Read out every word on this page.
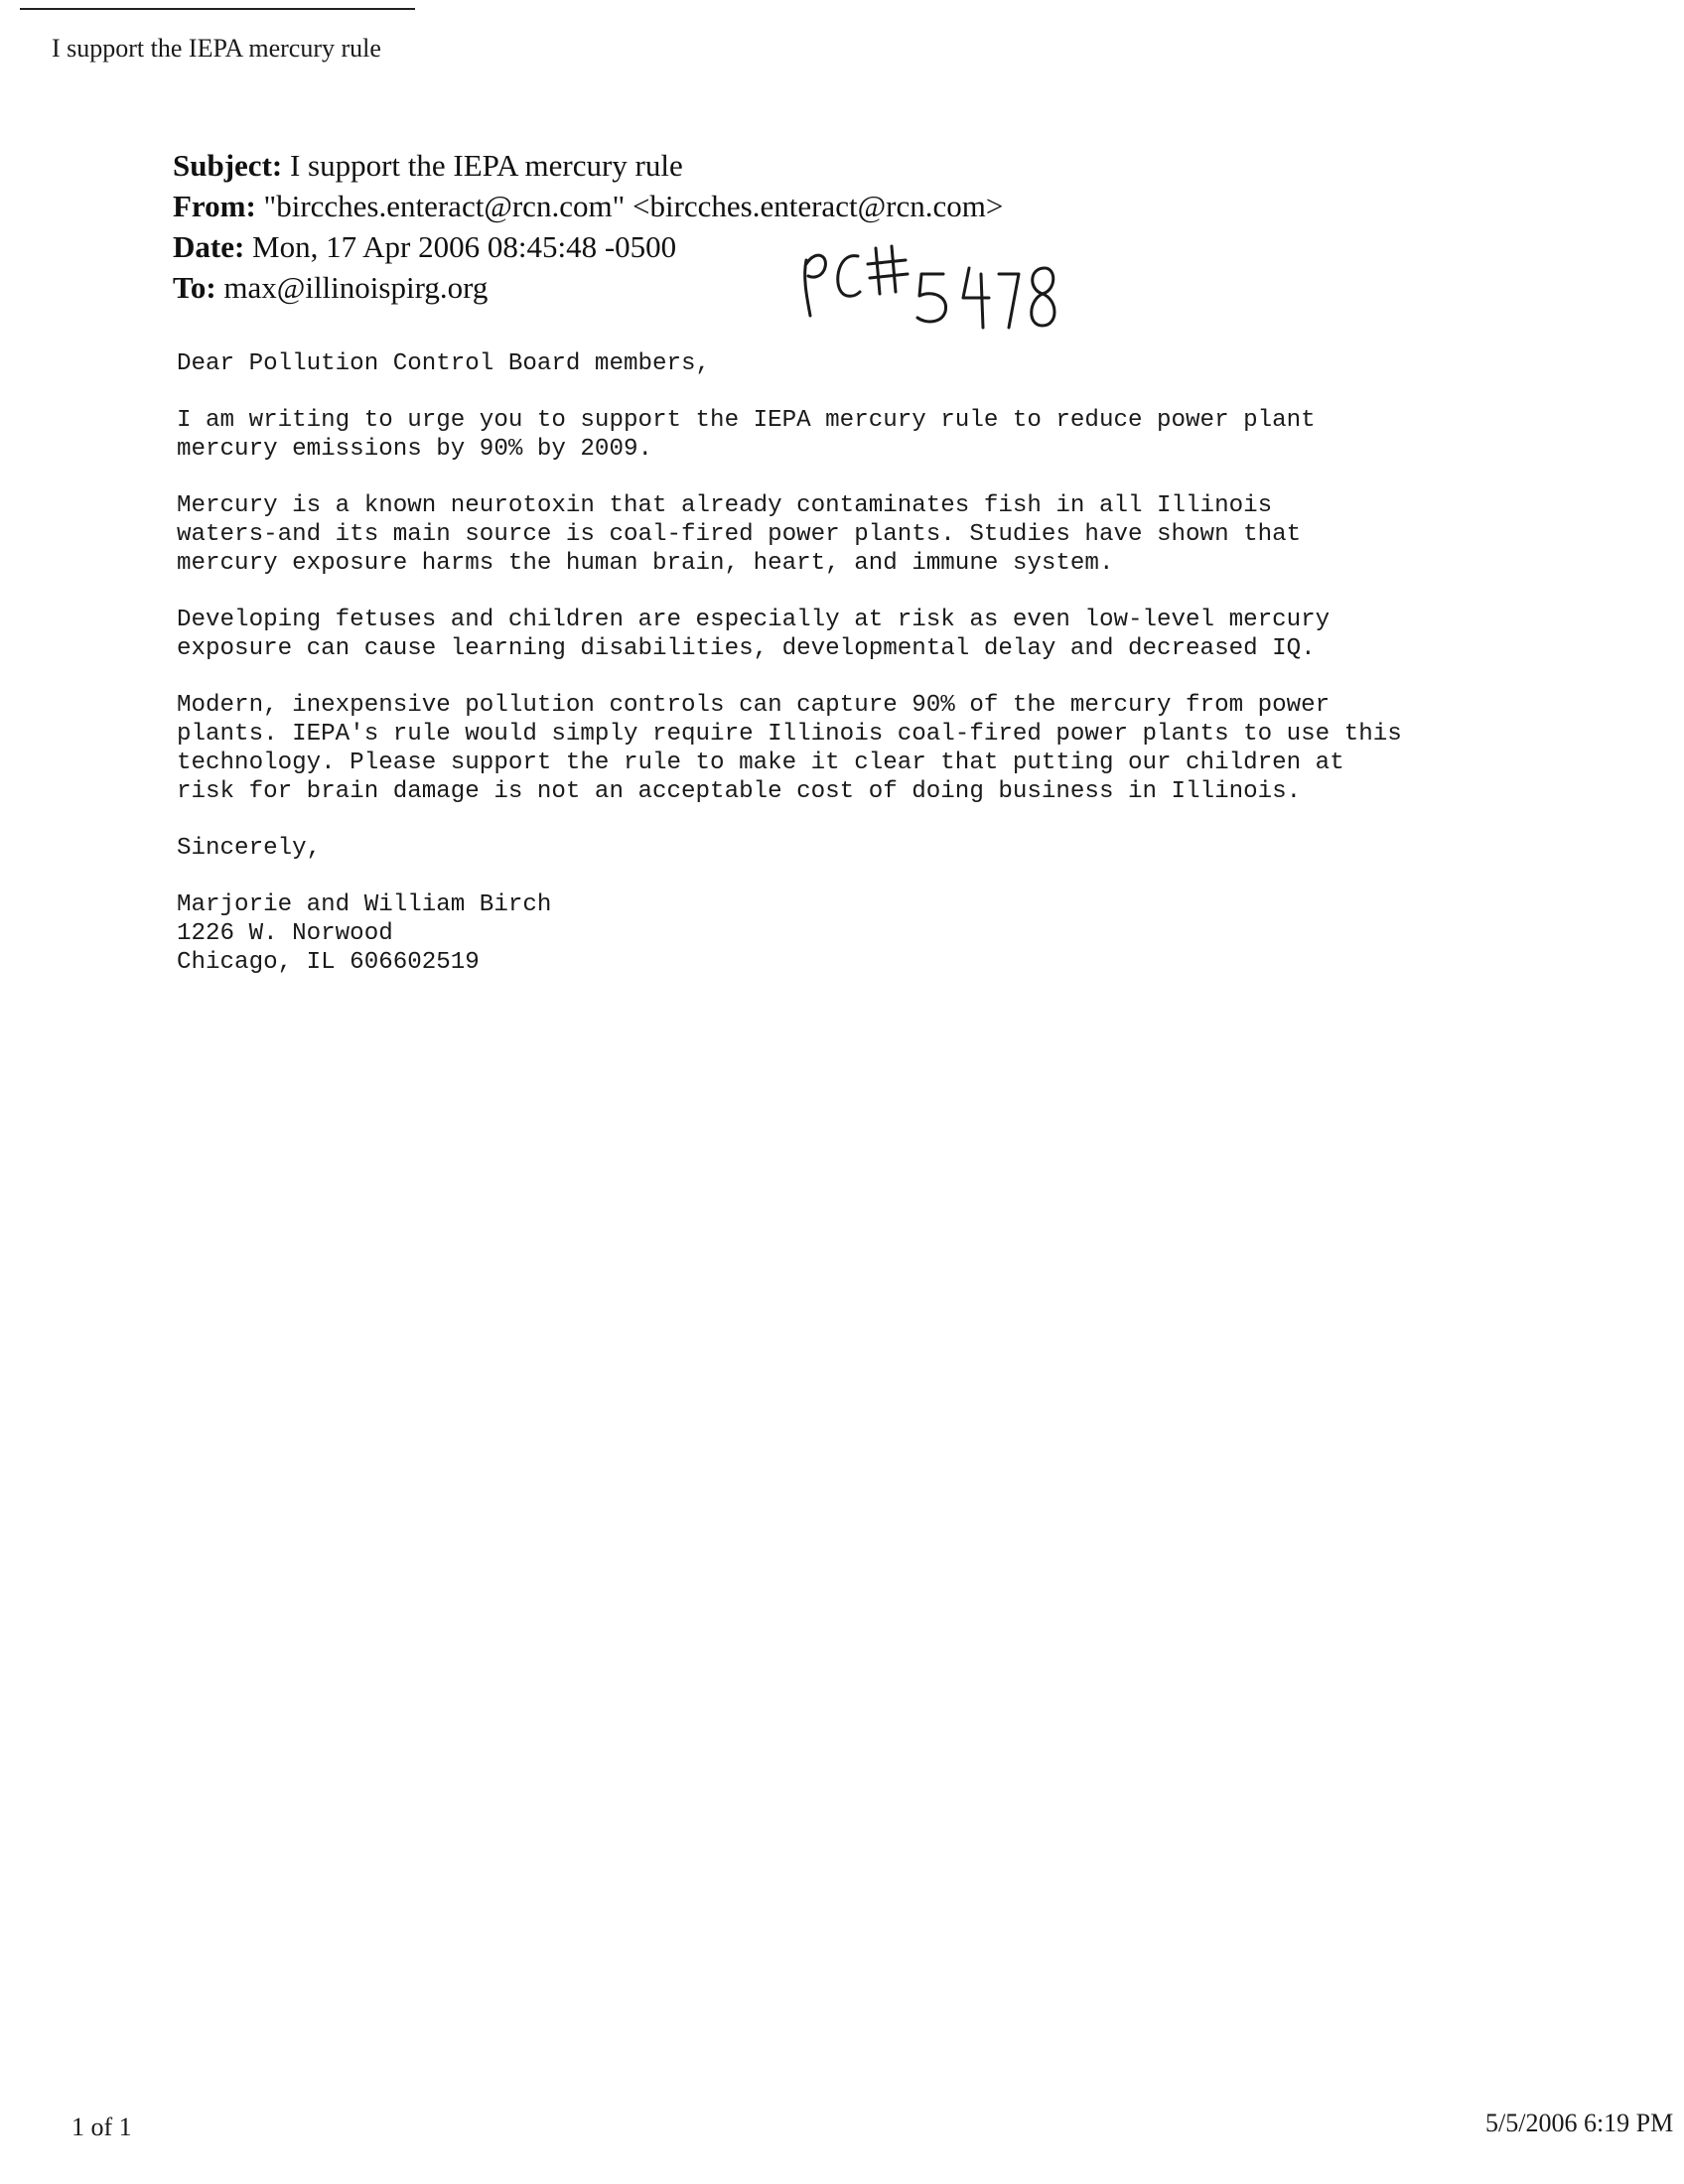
I support the IEPA mercury rule
Subject: I support the IEPA mercury rule
From: "bircches.enteract@rcn.com" <bircches.enteract@rcn.com>
Date: Mon, 17 Apr 2006 08:45:48 -0500
To: max@illinoispirg.org

Dear Pollution Control Board members,

I am writing to urge you to support the IEPA mercury rule to reduce power plant
mercury emissions by 90% by 2009.

Mercury is a known neurotoxin that already contaminates fish in all Illinois
waters-and its main source is coal-fired power plants. Studies have shown that
mercury exposure harms the human brain, heart, and immune system.

Developing fetuses and children are especially at risk as even low-level mercury
exposure can cause learning disabilities, developmental delay and decreased IQ.

Modern, inexpensive pollution controls can capture 90% of the mercury from power
plants. IEPA's rule would simply require Illinois coal-fired power plants to use this
technology. Please support the rule to make it clear that putting our children at
risk for brain damage is not an acceptable cost of doing business in Illinois.

Sincerely,

Marjorie and William Birch
1226 W. Norwood
Chicago, IL 606602519
1 of 1	5/5/2006 6:19 PM
